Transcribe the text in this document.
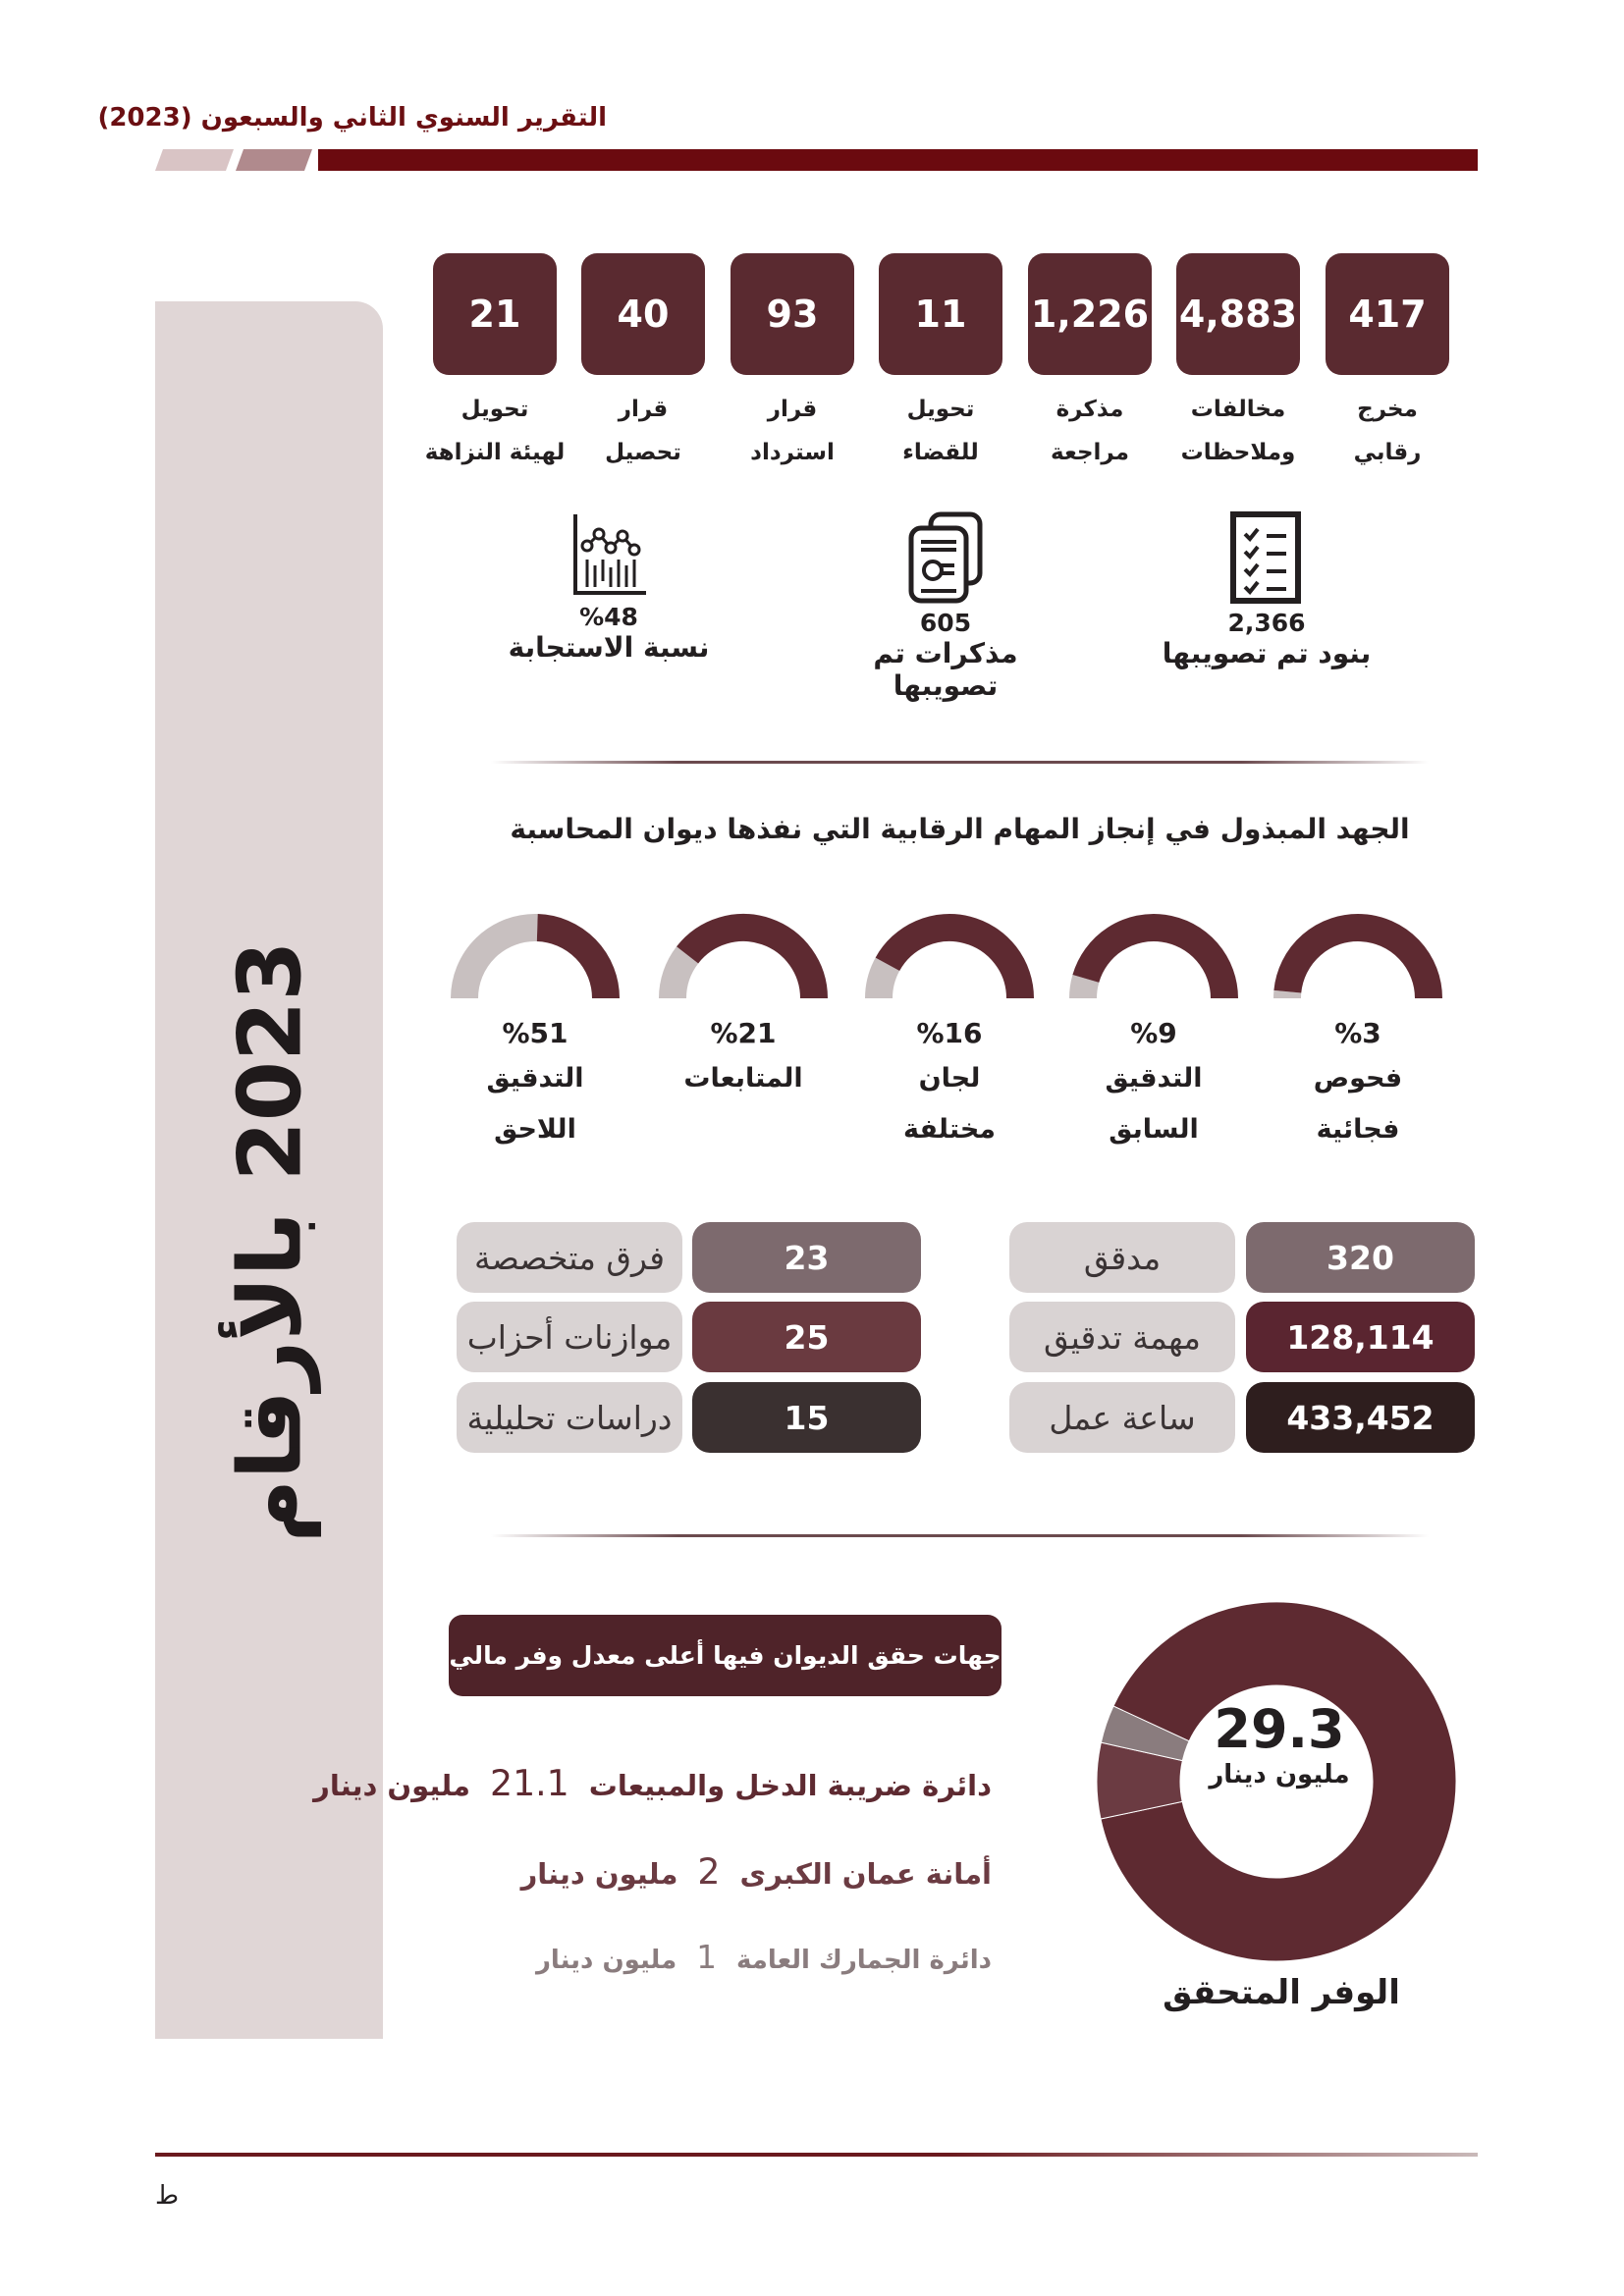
التقرير السنوي الثاني والسبعون (2023)
2023 بالأرقام
417
مخرج
رقابي
4,883
مخالفات
وملاحظات
1,226
مذكرة
مراجعة
11
تحويل
للقضاء
93
قرار
استرداد
40
قرار
تحصيل
21
تحويل
لهيئة النزاهة
2,366
بنود تم تصويبها
605
مذكرات تم تصويبها
%48
نسبة الاستجابة
الجهد المبذول في إنجاز المهام الرقابية التي نفذها ديوان المحاسبة
%3
فحوص
فجائية
%9
التدقيق
السابق
%16
لجان
مختلفة
%21
المتابعات
%51
التدقيق
اللاحق
مدقق	320
مهمة تدقيق	128,114
ساعة عمل	433,452
فرق متخصصة	23
موازنات أحزاب	25
دراسات تحليلية	15
جهات حقق الديوان فيها أعلى معدل وفر مالي
دائرة ضريبة الدخل والمبيعات
21.1
مليون دينار
أمانة عمان الكبرى
2
مليون دينار
دائرة الجمارك العامة
1
مليون دينار
29.3
مليون دينار
الوفر المتحقق
ط
